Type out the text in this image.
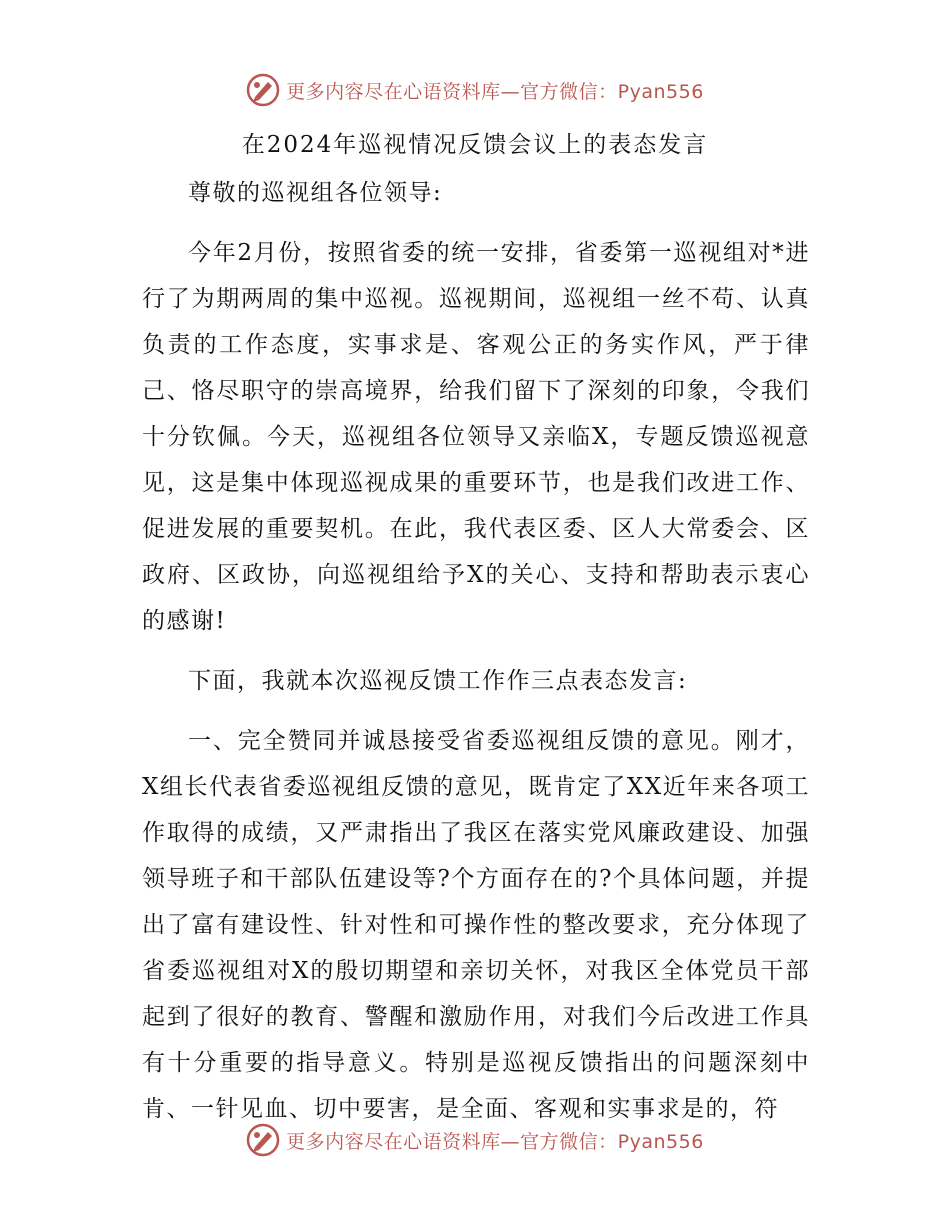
更多内容尽在心语资料库—官方微信：Pyan556
在2024年巡视情况反馈会议上的表态发言

尊敬的巡视组各位领导:

今年2月份，按照省委的统一安排，省委第一巡视组对*进行了为期两周的集中巡视。巡视期间，巡视组一丝不苟、认真负责的工作态度，实事求是、客观公正的务实作风，严于律己、恪尽职守的崇高境界，给我们留下了深刻的印象，令我们十分钦佩。今天，巡视组各位领导又亲临X，专题反馈巡视意见，这是集中体现巡视成果的重要环节，也是我们改进工作、促进发展的重要契机。在此，我代表区委、区人大常委会、区政府、区政协，向巡视组给予X的关心、支持和帮助表示衷心的感谢!

下面，我就本次巡视反馈工作作三点表态发言:

一、完全赞同并诚恳接受省委巡视组反馈的意见。刚才，X组长代表省委巡视组反馈的意见，既肯定了XX近年来各项工作取得的成绩，又严肃指出了我区在落实党风廉政建设、加强领导班子和干部队伍建设等?个方面存在的?个具体问题，并提出了富有建设性、针对性和可操作性的整改要求，充分体现了省委巡视组对X的殷切期望和亲切关怀，对我区全体党员干部起到了很好的教育、警醒和激励作用，对我们今后改进工作具有十分重要的指导意义。特别是巡视反馈指出的问题深刻中肯、一针见血、切中要害，是全面、客观和实事求是的，符

更多内容尽在心语资料库—官方微信：Pyan556
